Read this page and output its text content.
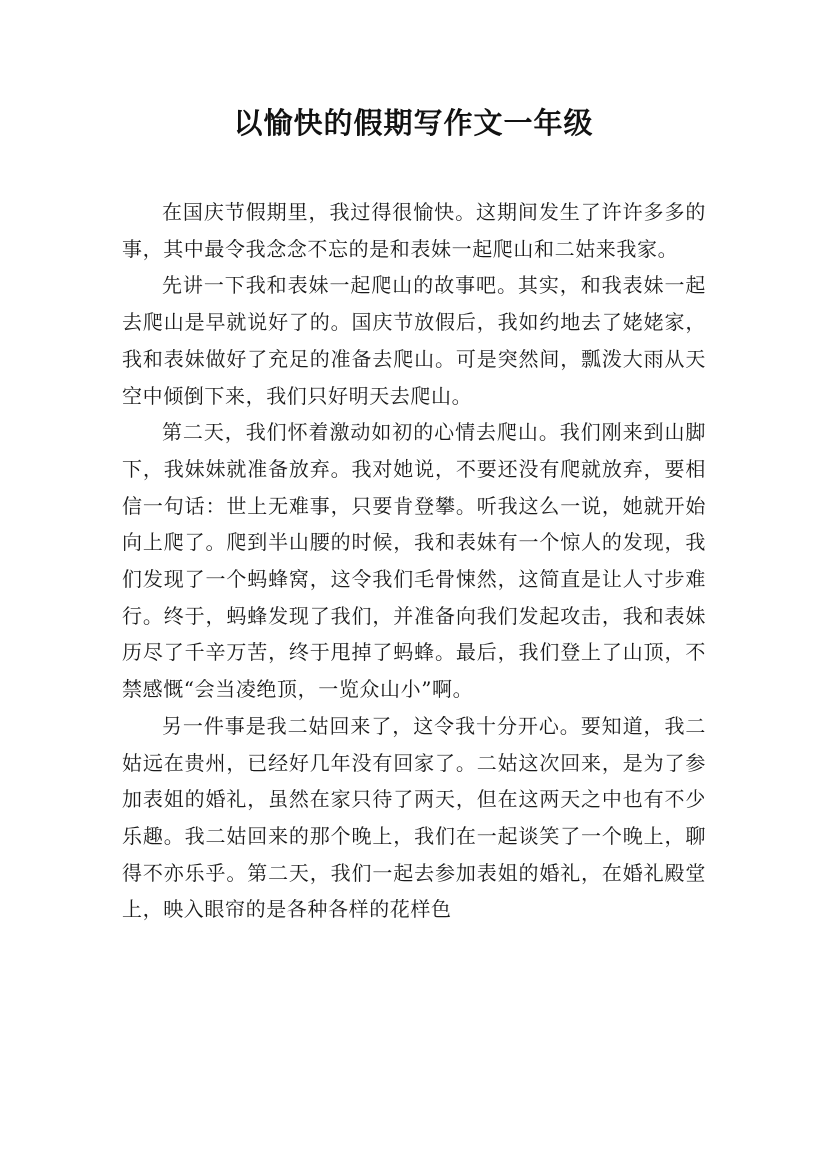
以愉快的假期写作文一年级

在国庆节假期里，我过得很愉快。这期间发生了许许多多的事，其中最令我念念不忘的是和表妹一起爬山和二姑来我家。

先讲一下我和表妹一起爬山的故事吧。其实，和我表妹一起去爬山是早就说好了的。国庆节放假后，我如约地去了姥姥家，我和表妹做好了充足的准备去爬山。可是突然间，瓢泼大雨从天空中倾倒下来，我们只好明天去爬山。

第二天，我们怀着激动如初的心情去爬山。我们刚来到山脚下，我妹妹就准备放弃。我对她说，不要还没有爬就放弃，要相信一句话：世上无难事，只要肯登攀。听我这么一说，她就开始向上爬了。爬到半山腰的时候，我和表妹有一个惊人的发现，我们发现了一个蚂蜂窝，这令我们毛骨悚然，这简直是让人寸步难行。终于，蚂蜂发现了我们，并准备向我们发起攻击，我和表妹历尽了千辛万苦，终于甩掉了蚂蜂。最后，我们登上了山顶，不禁感慨“会当凌绝顶，一览众山小”啊。

另一件事是我二姑回来了，这令我十分开心。要知道，我二姑远在贵州，已经好几年没有回家了。二姑这次回来，是为了参加表姐的婚礼，虽然在家只待了两天，但在这两天之中也有不少乐趣。我二姑回来的那个晚上，我们在一起谈笑了一个晚上，聊得不亦乐乎。第二天，我们一起去参加表姐的婚礼，在婚礼殿堂上，映入眼帘的是各种各样的花样色
